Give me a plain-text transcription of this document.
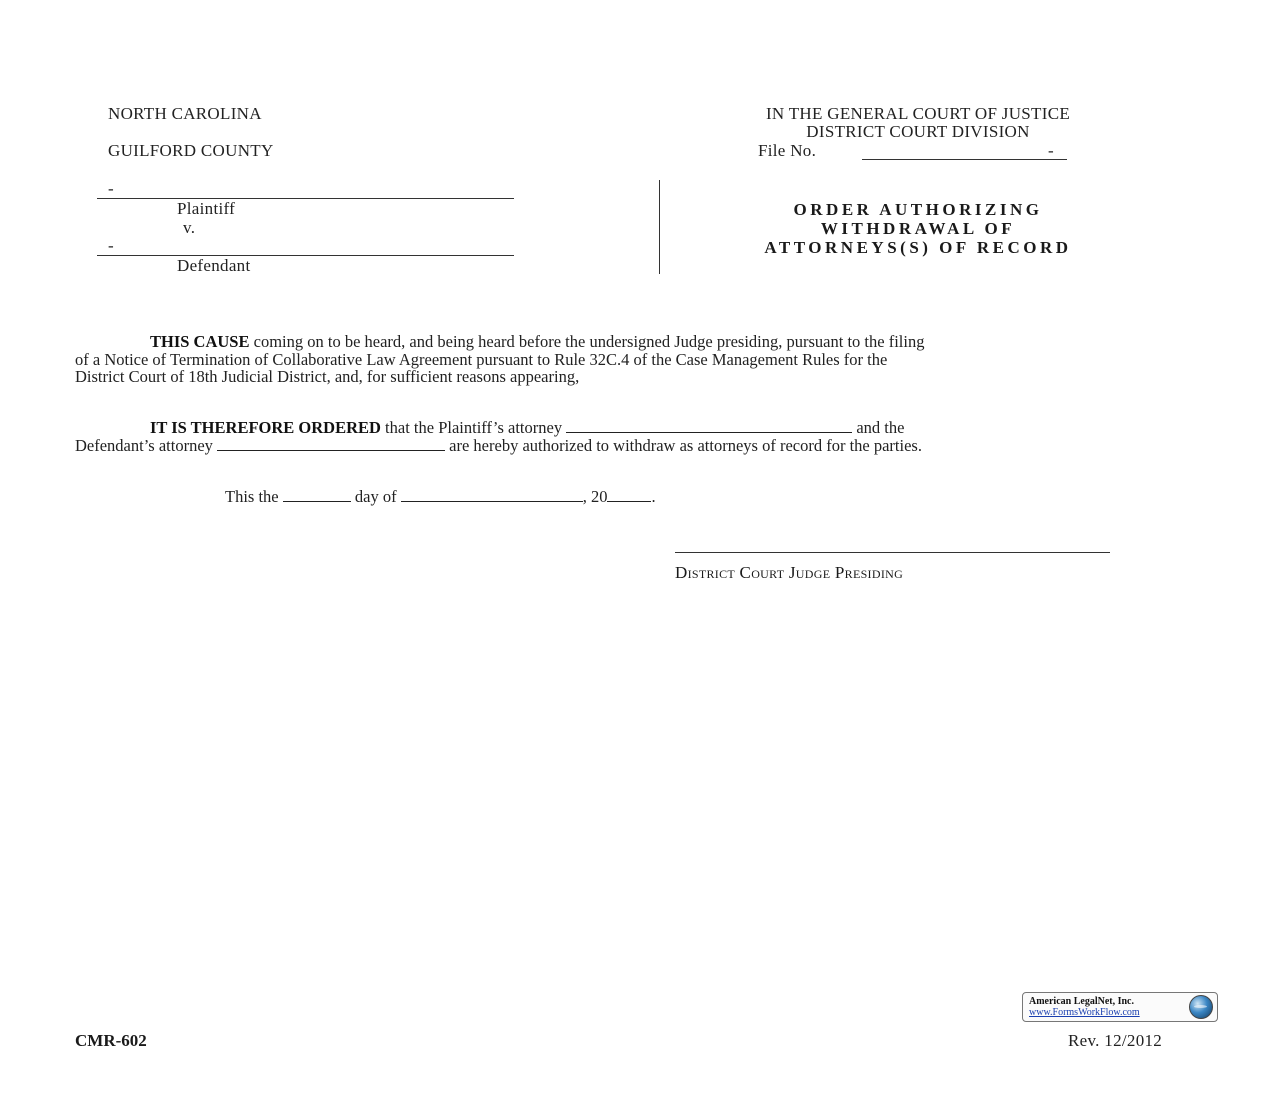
NORTH CAROLINA
GUILFORD COUNTY
-
Plaintiff
v.
-
Defendant
IN THE GENERAL COURT OF JUSTICE
DISTRICT COURT DIVISION
File No.	-
ORDER AUTHORIZING
WITHDRAWAL OF
ATTORNEYS(S) OF RECORD
THIS CAUSE coming on to be heard, and being heard before the undersigned Judge presiding, pursuant to the filing
of a Notice of Termination of Collaborative Law Agreement pursuant to Rule 32C.4 of the Case Management Rules for the
District Court of 18th Judicial District, and, for sufficient reasons appearing,
IT IS THEREFORE ORDERED that the Plaintiff’s attorney	and the
Defendant’s attorney	are hereby authorized to withdraw as attorneys of record for the parties.
This the	day of	, 20	.
District Court Judge Presiding
American LegalNet, Inc.
www.FormsWorkFlow.com
CMR-602	Rev. 12/2012
